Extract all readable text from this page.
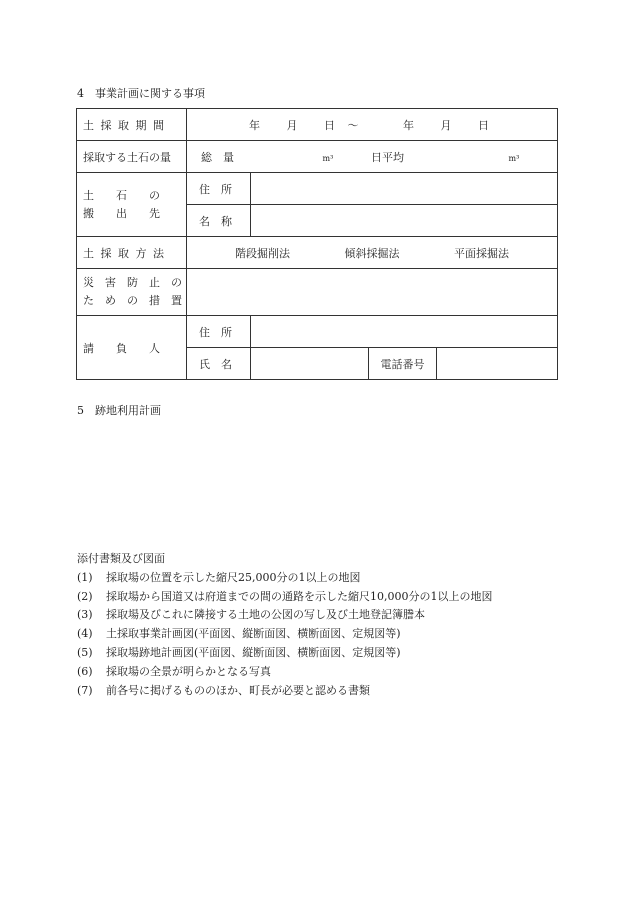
4　事業計画に関する事項
土採取期間	年 月 日 〜 年 月 日			
採取する土石の量	総　量 m³ 日平均 m³			

土　　石　　の
搬　　出　　先	住　所			
	名　称			
土採取方法	階段掘削法 傾斜採掘法 平面採掘法			

災　害　防　止　の
た　め　の　措　置				

請　　負　　人	住　所			
	氏　名		電話番号	
5　跡地利用計画
添付書類及び図面
(1)	採取場の位置を示した縮尺25,000分の1以上の地図
(2)	採取場から国道又は府道までの間の通路を示した縮尺10,000分の1以上の地図
(3)	採取場及びこれに隣接する土地の公図の写し及び土地登記簿謄本
(4)	土採取事業計画図(平面図、縦断面図、横断面図、定規図等)
(5)	採取場跡地計画図(平面図、縦断面図、横断面図、定規図等)
(6)	採取場の全景が明らかとなる写真
(7)	前各号に掲げるもののほか、町長が必要と認める書類
